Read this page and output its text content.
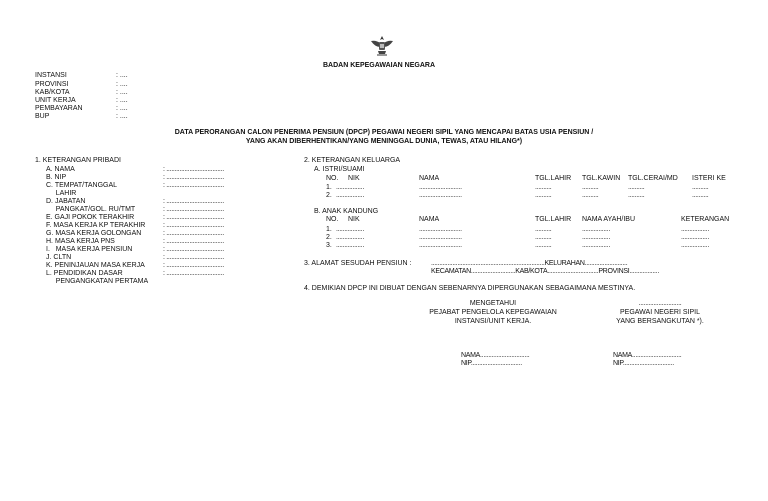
BADAN KEPEGAWAIAN NEGARA
INSTANSI	: ....
PROVINSI	: ....
KAB/KOTA	: ....
UNIT KERJA	: ....
PEMBAYARAN	: ....
BUP	: ....
DATA PERORANGAN CALON PENERIMA PENSIUN (DPCP) PEGAWAI NEGERI SIPIL YANG MENCAPAI BATAS USIA PENSIUN /
YANG AKAN DIBERHENTIKAN/YANG MENINGGAL DUNIA, TEWAS, ATAU HILANG*)
1. KETERANGAN PRIBADI
A. NAMA	: ...................................
B. NIP	: ...................................
C. TEMPAT/TANGGAL	: ...................................
LAHIR
D. JABATAN	: ...................................
PANGKAT/GOL. RU/TMT	: ...................................
E. GAJI POKOK TERAKHIR	: ...................................
F. MASA KERJA KP TERAKHIR	: ...................................
G. MASA KERJA GOLONGAN	: ...................................
H. MASA KERJA PNS	: ...................................
I.   MASA KERJA PENSIUN	: ...................................
J. CLTN	: ...................................
K. PENINJAUAN MASA KERJA	: ...................................
L. PENDIDIKAN DASAR	: ...................................
PENGANGKATAN PERTAMA
2. KETERANGAN KELUARGA
A. ISTRI/SUAMI
NO. NIK	NAMA	TGL.LAHIR TGL.KAWIN TGL.CERAI/MD ISTERI KE
1. .................	..........................	..........	..........	..........	..........
2. .................	..........................	..........	..........	..........	..........
B. ANAK KANDUNG
NO. NIK	NAMA	TGL.LAHIR NAMA AYAH/IBU	KETERANGAN
1. .................	..........................	..........	.................	.................
2. .................	..........................	..........	.................	.................
3. .................	..........................	..........	.................	.................
3. ALAMAT SESUDAH PENSIUN :	.....................................................................KELURAHAN..........................
KECAMATAN...........................KAB/KOTA...............................PROVINSI..................
4. DEMIKIAN DPCP INI DIBUAT DENGAN SEBENARNYA DIPERGUNAKAN SEBAGAIMANA MESTINYA.
MENGETAHUI
PEJABAT PENGELOLA KEPEGAWAIAN
INSTANSI/UNIT KERJA.
NAMA..............................
NIP...............................
..........................
PEGAWAI NEGERI SIPIL
YANG BERSANGKUTAN *).
NAMA..............................
NIP...............................
